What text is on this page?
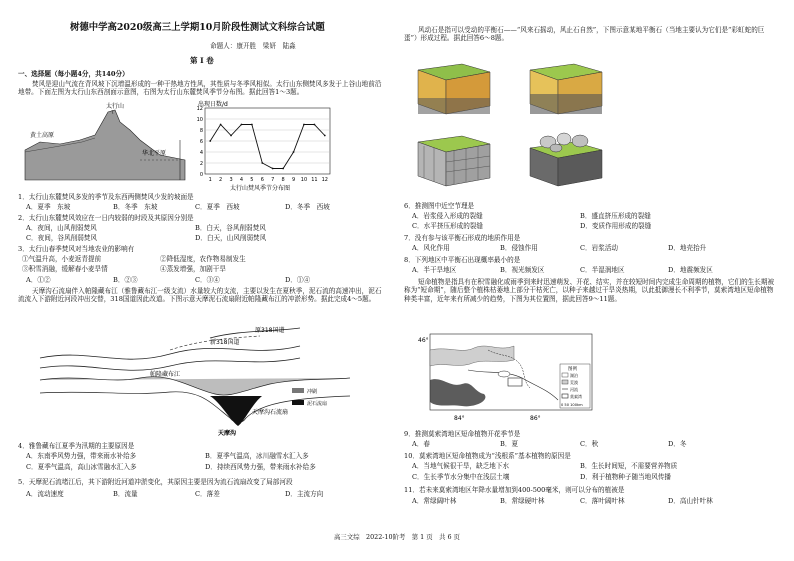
树德中学高2020级高三上学期10月阶段性测试文科综合试题
命题人：康开胜　梁妍　陆淼
第 I 卷
一、选择题（每小题4分，共140分）
焚风是迎山气流在背风坡下沉增温形成的一种干热地方性风，其性质与冬季风相似。太行山东侧焚风多发于上谷山地前沿地带。下面左图为太行山东西剖面示意图，右图为太行山东麓焚风季节分布图。据此回答1～3题。
太行山
黄土高原
华北平原
出现日数/d
0
2
4
6
8
10
12
1 2 3 4 5 6 7 8 9 10 11 12
太行山焚风季节分布图
1．太行山东麓焚风多发的季节及东西两侧焚风少发的坡面是
A．夏季　东坡	B．冬季　东坡	C．夏季　西坡	D．冬季　西坡
2．太行山东麓焚风效应在一日内较弱的时段及其原因分别是
A．夜间，山风削弱焚风	B．白天，谷风削弱焚风
C．夜间，谷风削弱焚风	D．白天，山风削弱焚风
3．太行山春季焚风对当地农业的影响有
①气温升高，小麦返青提前	②降低湿度，农作物易制发生
③积雪消融，缓解春小麦旱情	④蒸发增强，加剧干旱
A．①②	B．②③	C．③④	D．①④
天摩沟石流扇伴入帕隆藏布江（雅鲁藏布江一级支流）水量较大的支流，主要以发生在夏秋季，泥石流的高速冲出，泥石流流入下游附近河段冲出交替，318国道因此改道。下图示意天摩泥石流扇附近帕隆藏布江的冲淤形势。据此完成4～5题。
原318国道
新318国道
帕隆藏布江
天摩沟石流扇
天摩沟
冲刷
泥石流扇
4．雅鲁藏布江夏季为汛期的主要原因是
A．东南季风势力强，带来雨水补给多	B．夏季气温高，冰川融雪水汇入多
C．夏季气温高，高山冰雪融水汇入多	D．持续西风势力强，带来雨水补给多
5．天摩泥石流堵江后，其下游附近河道冲淤变化，其原因主要是因为流石流扇改变了局部河段
A．流动速度	B．流量	C．落差	D．主流方向
风动石是指可以受动的平衡石——“风来石摇动，风止石自然”，下图示意某地平衡石（当地主要认为它们是“彩虹蛇的巨蛋”）形成过程。据此回答6～8题。
6．推测图中近空节理是
A．岩浆侵入形成的裂缝	B．盛直挤压形成的裂缝
C．水平挤压形成的裂缝	D．变质作用形成的裂缝
7．没有参与该平衡石形成的地质作用是
A．风化作用	B．侵蚀作用	C．岩浆活动	D．地壳抬升
8．下列地区中平衡石出现概率最小的是
A．半干旱地区	B．视光频发区	C．半湿润地区	D．地震频发区
短命植物是指具有在积雪融化或雨季到来时迅速萌发、开花、结实，并在较短时间内完成生命周期的植物，它们的生长期被称为“短命期”，随后整个植株枯萎地上部分干枯死亡，以种子来越过干旱炎热期，以此抵御漫长不利季节，莫索湾地区短命植物种类丰富，近年来有所减少的趋势，下图为其位置图，据此回答9～11题。
46°
84°	86°
图例
湖泊
荒漠
河流
莫索湾
0 50 100km
9．推测莫索湾地区短命植物开花季节是
A．春	B．夏	C．秋	D．冬
10．莫索湾地区短命植物成为“浅根系”基本植物的原因是
A．当地气候很干旱，缺乏地下水	B．生长时间短，不需要营养物质
C．生长季节水分集中在浅层土壤	D．利于植物种子随当地风传播
11．若未来莫索湾地区年降水量增加到400-500毫米，则可以分布的植被是
A．常绿阔叶林	B．常绿硬叶林	C．落叶阔叶林	D．高山针叶林
高三文综　2022-10阶考　第 1 页　共 6 页
